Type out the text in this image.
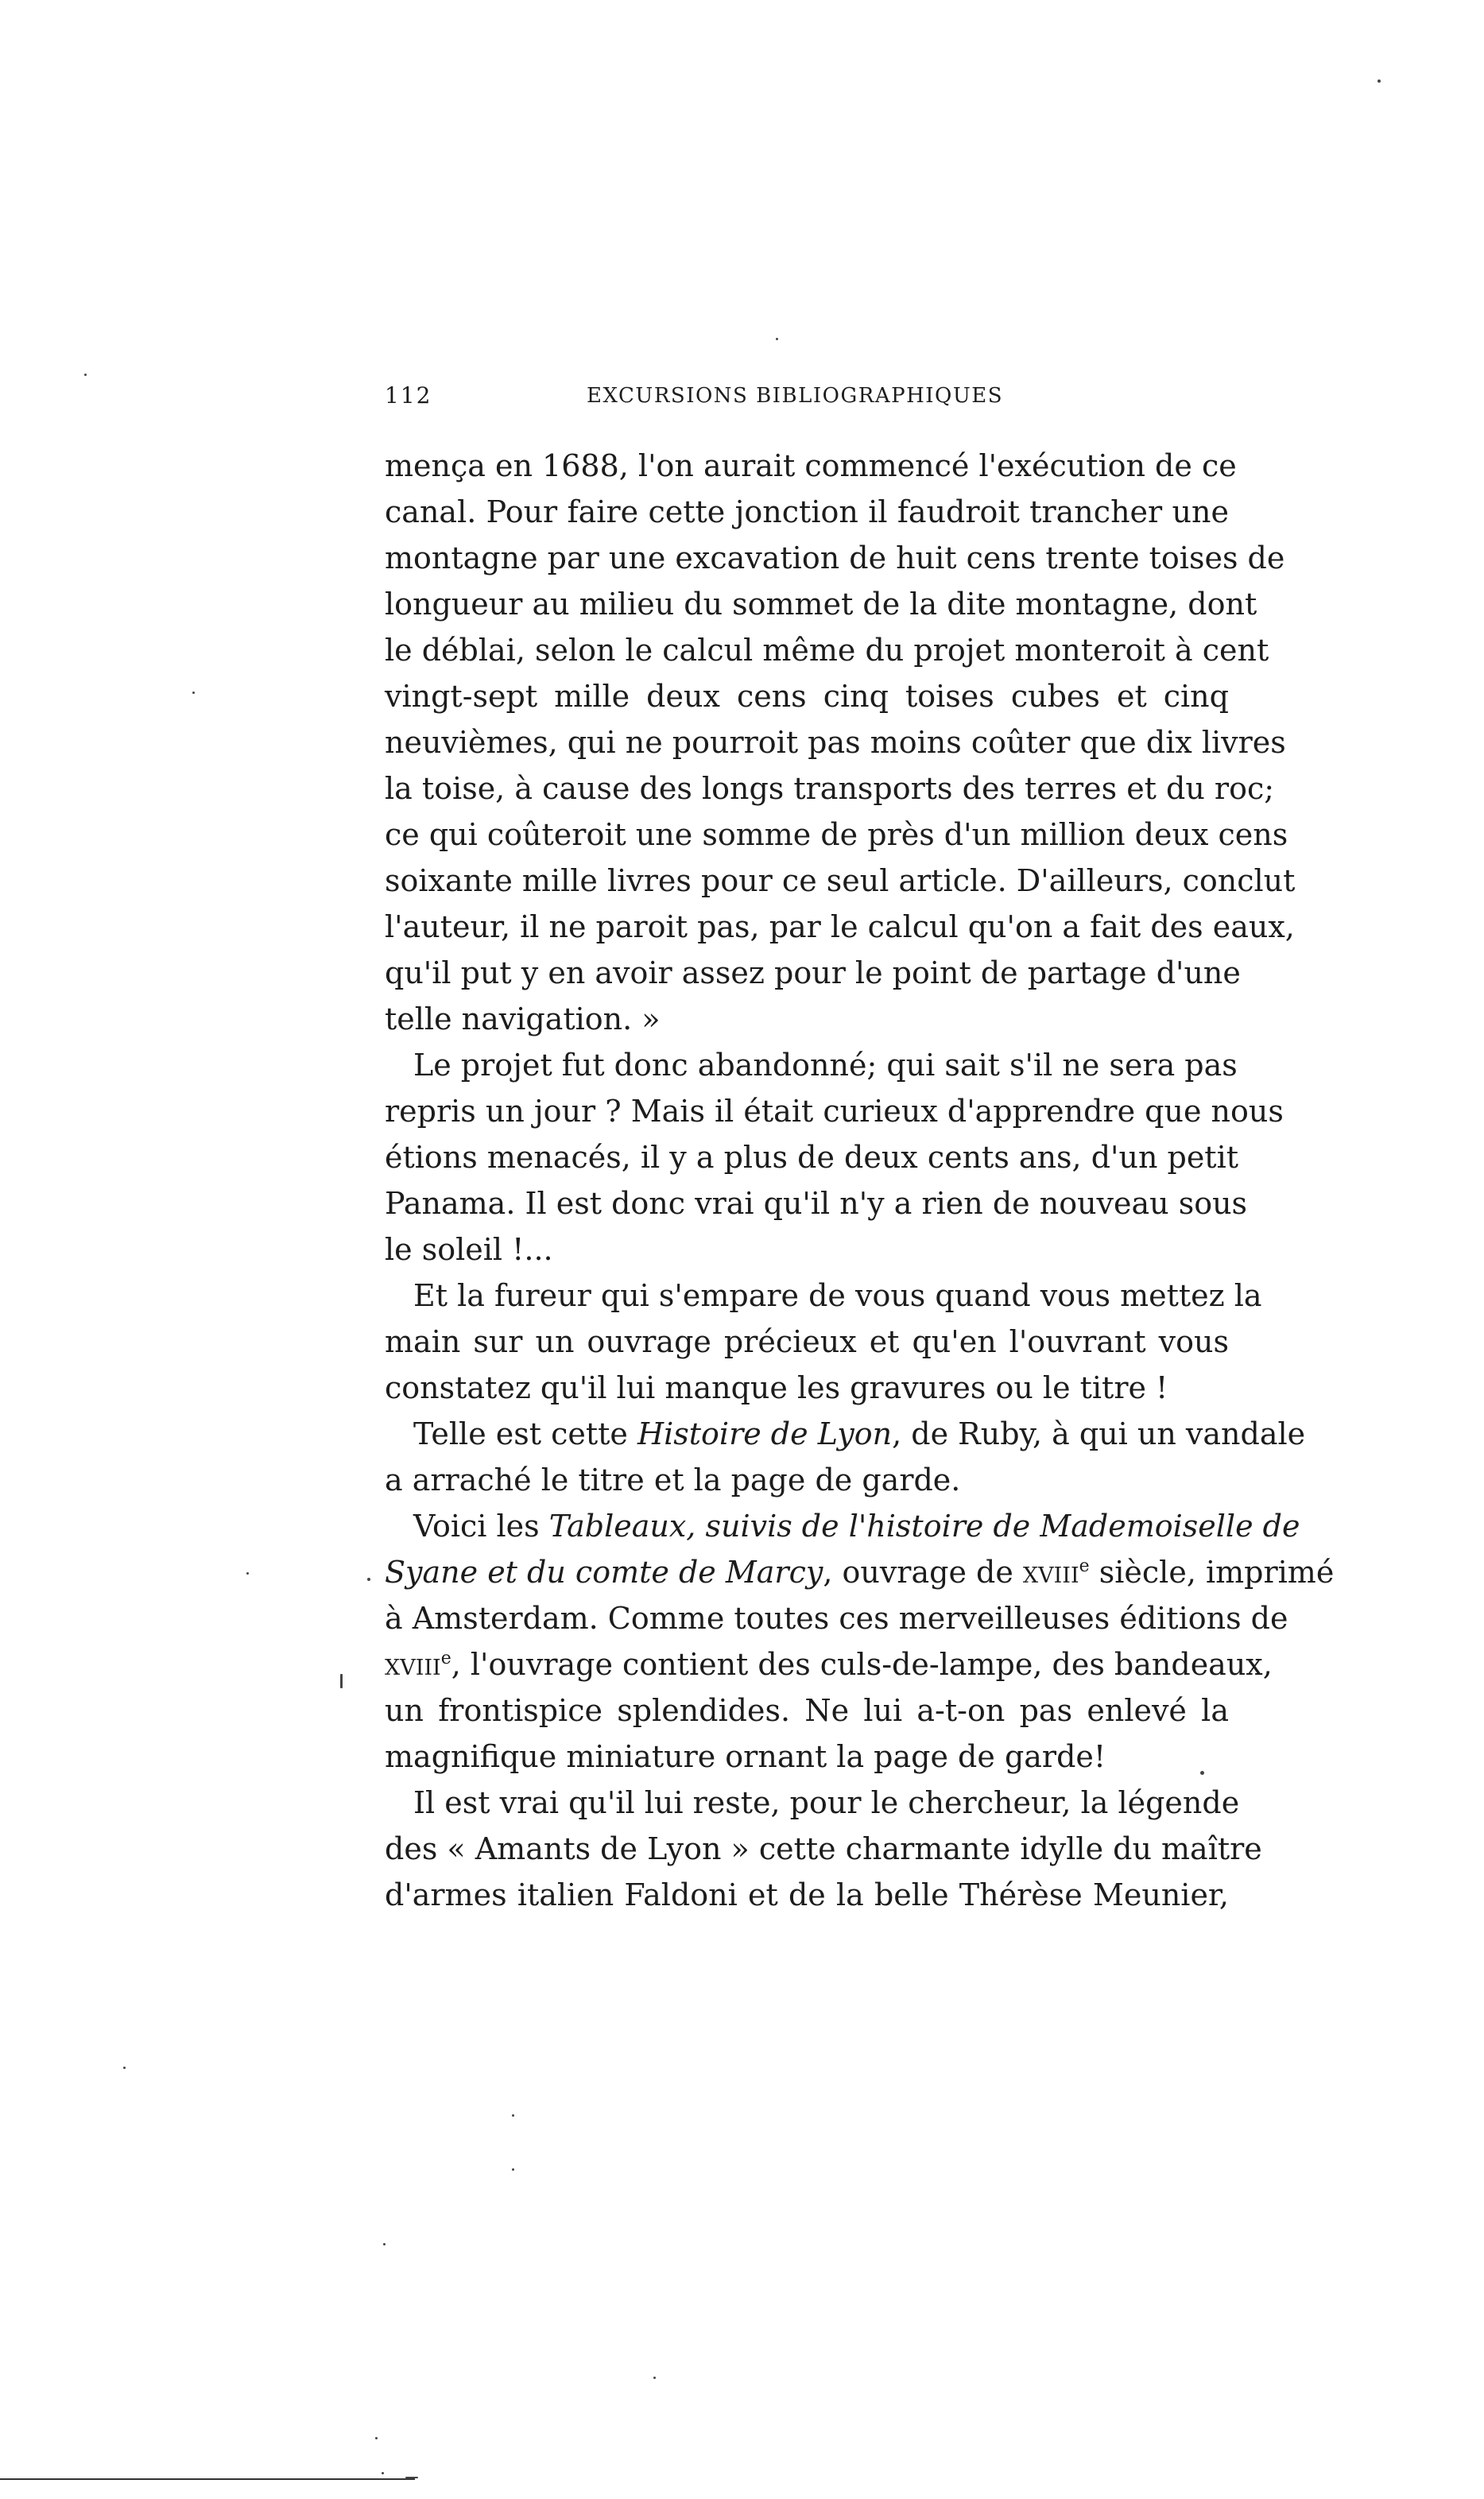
112	EXCURSIONS BIBLIOGRAPHIQUES
mença en 1688, l'on aurait commencé l'exécution de ce
canal. Pour faire cette jonction il faudroit trancher une
montagne par une excavation de huit cens trente toises de
longueur au milieu du sommet de la dite montagne, dont
le déblai, selon le calcul même du projet monteroit à cent
vingt-sept mille deux cens cinq toises cubes et cinq
neuvièmes, qui ne pourroit pas moins coûter que dix livres
la toise, à cause des longs transports des terres et du roc;
ce qui coûteroit une somme de près d'un million deux cens
soixante mille livres pour ce seul article. D'ailleurs, conclut
l'auteur, il ne paroit pas, par le calcul qu'on a fait des eaux,
qu'il put y en avoir assez pour le point de partage d'une
telle navigation. »
Le projet fut donc abandonné; qui sait s'il ne sera pas
repris un jour ? Mais il était curieux d'apprendre que nous
étions menacés, il y a plus de deux cents ans, d'un petit
Panama. Il est donc vrai qu'il n'y a rien de nouveau sous
le soleil !...
Et la fureur qui s'empare de vous quand vous mettez la
main sur un ouvrage précieux et qu'en l'ouvrant vous
constatez qu'il lui manque les gravures ou le titre !
Telle est cette Histoire de Lyon, de Ruby, à qui un vandale
a arraché le titre et la page de garde.
Voici les Tableaux, suivis de l'histoire de Mademoiselle de
Syane et du comte de Marcy, ouvrage de xviii$^e$ siècle, imprimé
à Amsterdam. Comme toutes ces merveilleuses éditions de
xviii$^e$, l'ouvrage contient des culs-de-lampe, des bandeaux,
un frontispice splendides. Ne lui a-t-on pas enlevé la
magnifique miniature ornant la page de garde!
Il est vrai qu'il lui reste, pour le chercheur, la légende
des « Amants de Lyon » cette charmante idylle du maître
d'armes italien Faldoni et de la belle Thérèse Meunier,
